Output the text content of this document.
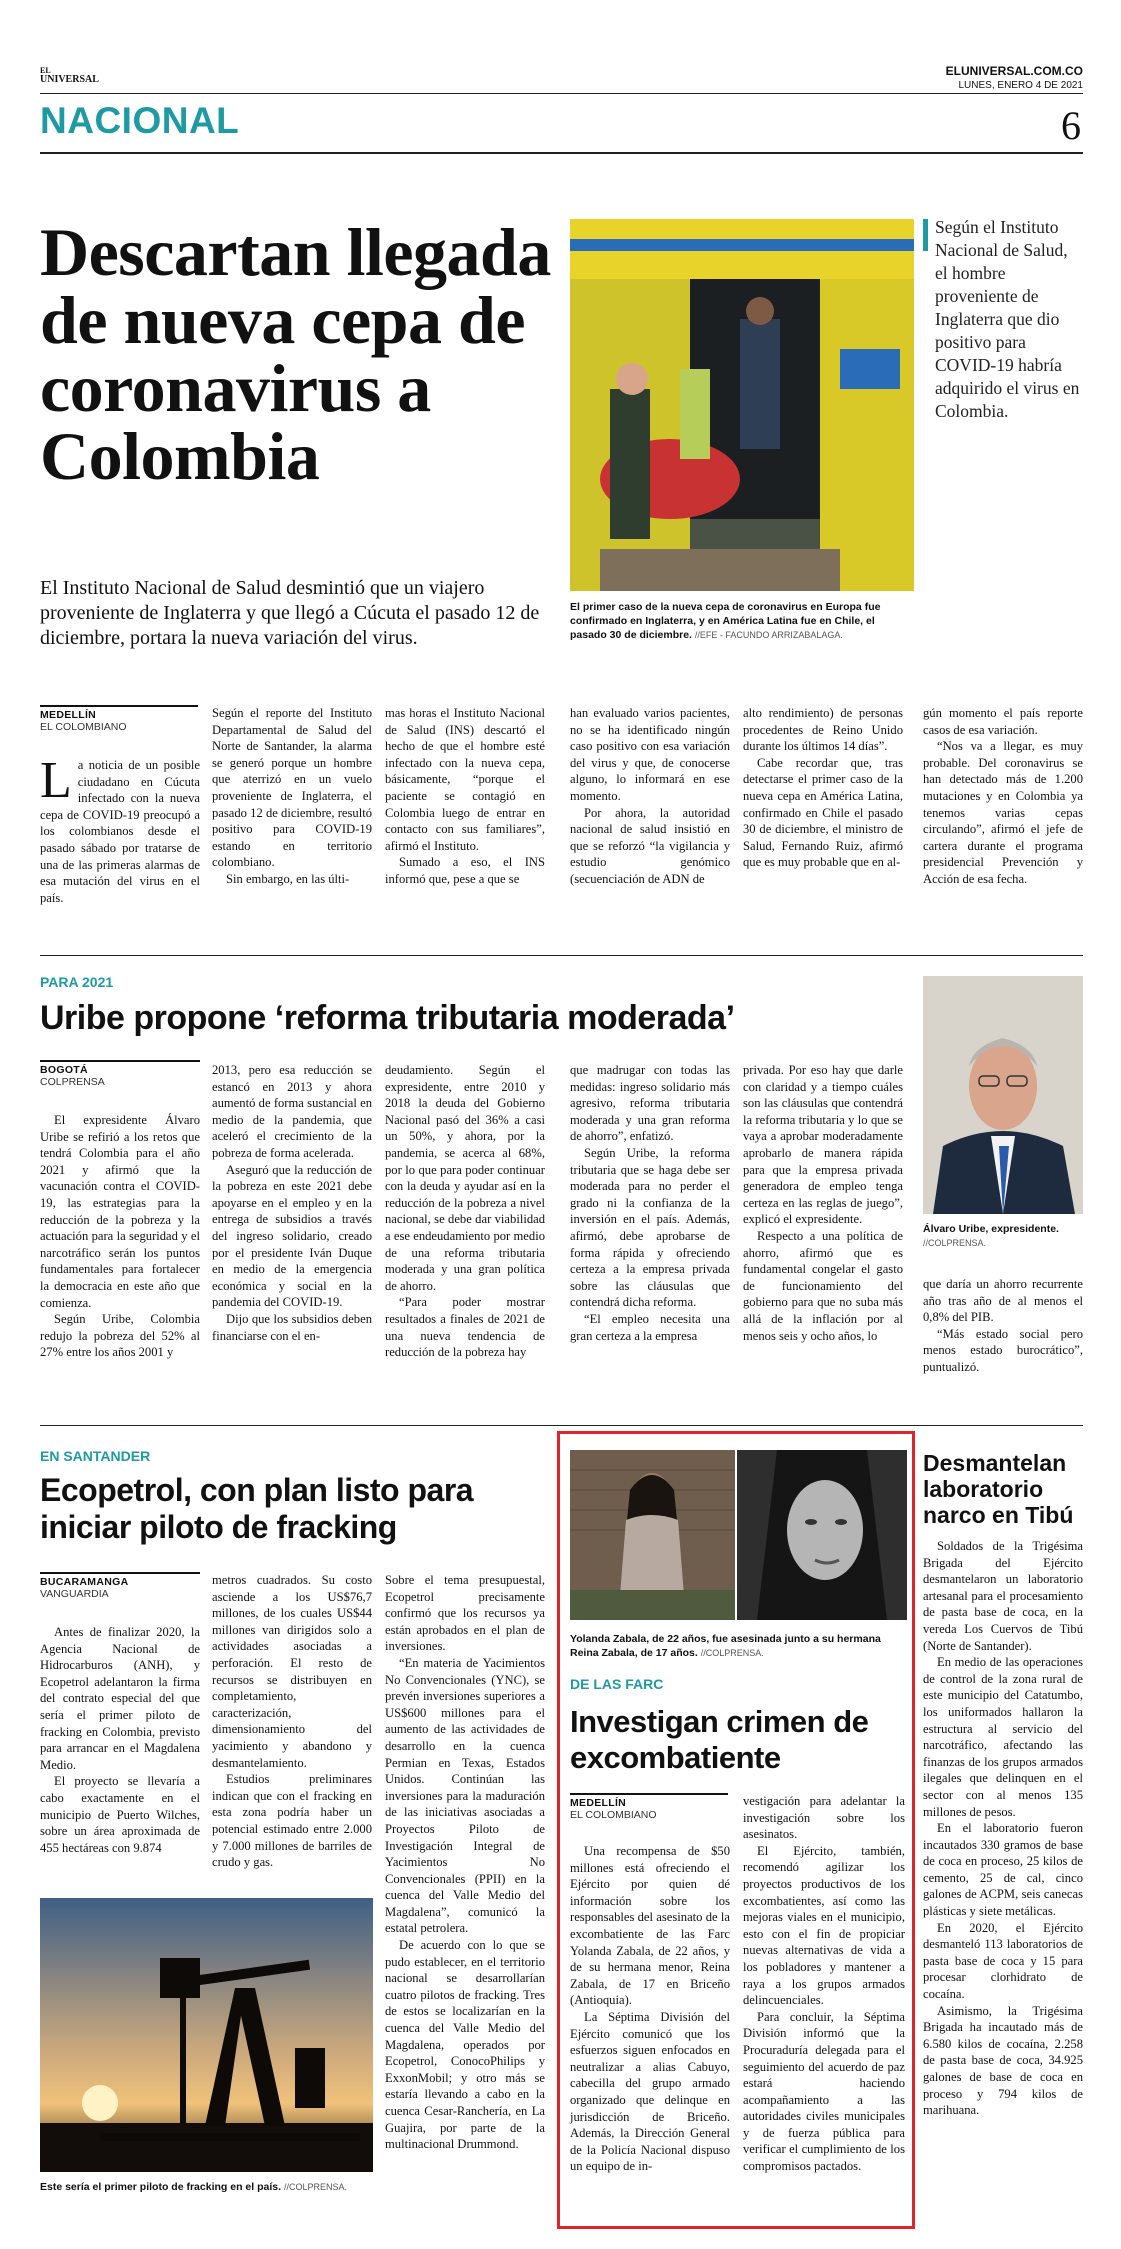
EL
UNIVERSAL
ELUNIVERSAL.COM.CO
LUNES, ENERO 4 DE 2021
NACIONAL	6
Descartan llegada de nueva cepa de coronavirus a Colombia
El Instituto Nacional de Salud desmintió que un viajero proveniente de Inglaterra y que llegó a Cúcuta el pasado 12 de diciembre, portara la nueva variación del virus.
El primer caso de la nueva cepa de coronavirus en Europa fue confirmado en Inglaterra, y en América Latina fue en Chile, el pasado 30 de diciembre. //EFE - FACUNDO ARRIZABALAGA.
Según el Instituto Nacional de Salud, el hombre proveniente de Inglaterra que dio positivo para COVID-19 habría adquirido el virus en Colombia.
MEDELLÍN
EL COLOMBIANO
L a noticia de un posible ciudadano en Cúcuta infectado con la nueva cepa de COVID-19 preocupó a los colombianos desde el pasado sábado por tratarse de una de las primeras alarmas de esa mutación del virus en el país.

Según el reporte del Instituto Departamental de Salud del Norte de Santander, la alarma se generó porque un hombre que aterrizó en un vuelo proveniente de Inglaterra, el pasado 12 de diciembre, resultó positivo para COVID-19 estando en territorio colombiano.

Sin embargo, en las últi-

mas horas el Instituto Nacional de Salud (INS) descartó el hecho de que el hombre esté infectado con la nueva cepa, básicamente, “porque el paciente se contagió en Colombia luego de entrar en contacto con sus familiares”, afirmó el Instituto.

Sumado a eso, el INS informó que, pese a que se

han evaluado varios pacientes, no se ha identificado ningún caso positivo con esa variación del virus y que, de conocerse alguno, lo informará en ese momento.

Por ahora, la autoridad nacional de salud insistió en que se reforzó “la vigilancia y estudio genómico (secuenciación de ADN de

alto rendimiento) de personas procedentes de Reino Unido durante los últimos 14 días”.

Cabe recordar que, tras detectarse el primer caso de la nueva cepa en América Latina, confirmado en Chile el pasado 30 de diciembre, el ministro de Salud, Fernando Ruiz, afirmó que es muy probable que en al-

gún momento el país reporte casos de esa variación.

“Nos va a llegar, es muy probable. Del coronavirus se han detectado más de 1.200 mutaciones y en Colombia ya tenemos varias cepas circulando”, afirmó el jefe de cartera durante el programa presidencial Prevención y Acción de esa fecha.

PARA 2021
Uribe propone ‘reforma tributaria moderada’
Álvaro Uribe, expresidente.
//COLPRENSA.
BOGOTÁ
COLPRENSA

El expresidente Álvaro Uribe se refirió a los retos que tendrá Colombia para el año 2021 y afirmó que la vacunación contra el COVID-19, las estrategias para la reducción de la pobreza y la actuación para la seguridad y el narcotráfico serán los puntos fundamentales para fortalecer la democracia en este año que comienza.

Según Uribe, Colombia redujo la pobreza del 52% al 27% entre los años 2001 y

2013, pero esa reducción se estancó en 2013 y ahora aumentó de forma sustancial en medio de la pandemia, que aceleró el crecimiento de la pobreza de forma acelerada.

Aseguró que la reducción de la pobreza en este 2021 debe apoyarse en el empleo y en la entrega de subsidios a través del ingreso solidario, creado por el presidente Iván Duque en medio de la emergencia económica y social en la pandemia del COVID-19.

Dijo que los subsidios deben financiarse con el en-

deudamiento. Según el expresidente, entre 2010 y 2018 la deuda del Gobierno Nacional pasó del 36% a casi un 50%, y ahora, por la pandemia, se acerca al 68%, por lo que para poder continuar con la deuda y ayudar así en la reducción de la pobreza a nivel nacional, se debe dar viabilidad a ese endeudamiento por medio de una reforma tributaria moderada y una gran política de ahorro.

“Para poder mostrar resultados a finales de 2021 de una nueva tendencia de reducción de la pobreza hay

que madrugar con todas las medidas: ingreso solidario más agresivo, reforma tributaria moderada y una gran reforma de ahorro”, enfatizó.

Según Uribe, la reforma tributaria que se haga debe ser moderada para no perder el grado ni la confianza de la inversión en el país. Además, afirmó, debe aprobarse de forma rápida y ofreciendo certeza a la empresa privada sobre las cláusulas que contendrá dicha reforma.

“El empleo necesita una gran certeza a la empresa

privada. Por eso hay que darle con claridad y a tiempo cuáles son las cláusulas que contendrá la reforma tributaria y lo que se vaya a aprobar moderadamente aprobarlo de manera rápida para que la empresa privada generadora de empleo tenga certeza en las reglas de juego”, explicó el expresidente.

Respecto a una política de ahorro, afirmó que es fundamental congelar el gasto de funcionamiento del gobierno para que no suba más allá de la inflación por al menos seis y ocho años, lo

que daría un ahorro recurrente año tras año de al menos el 0,8% del PIB.

“Más estado social pero menos estado burocrático”, puntualizó.

EN SANTANDER
Ecopetrol, con plan listo para iniciar piloto de fracking
BUCARAMANGA
VANGUARDIA

Antes de finalizar 2020, la Agencia Nacional de Hidrocarburos (ANH), y Ecopetrol adelantaron la firma del contrato especial del que sería el primer piloto de fracking en Colombia, previsto para arrancar en el Magdalena Medio.

El proyecto se llevaría a cabo exactamente en el municipio de Puerto Wilches, sobre un área aproximada de 455 hectáreas con 9.874

metros cuadrados. Su costo asciende a los US$76,7 millones, de los cuales US$44 millones van dirigidos solo a actividades asociadas a perforación. El resto de recursos se distribuyen en completamiento, caracterización, dimensionamiento del yacimiento y abandono y desmantelamiento.

Estudios preliminares indican que con el fracking en esta zona podría haber un potencial estimado entre 2.000 y 7.000 millones de barriles de crudo y gas.

Sobre el tema presupuestal, Ecopetrol precisamente confirmó que los recursos ya están aprobados en el plan de inversiones.

“En materia de Yacimientos No Convencionales (YNC), se prevén inversiones superiores a US$600 millones para el aumento de las actividades de desarrollo en la cuenca Permian en Texas, Estados Unidos. Continúan las inversiones para la maduración de las iniciativas asociadas a Proyectos Piloto de Investigación Integral de Yacimientos No Convencionales (PPII) en la cuenca del Valle Medio del Magdalena”, comunicó la estatal petrolera.

De acuerdo con lo que se pudo establecer, en el territorio nacional se desarrollarían cuatro pilotos de fracking. Tres de estos se localizarían en la cuenca del Valle Medio del Magdalena, operados por Ecopetrol, ConocoPhilips y ExxonMobil; y otro más se estaría llevando a cabo en la cuenca Cesar-Ranchería, en La Guajira, por parte de la multinacional Drummond.

Este sería el primer piloto de fracking en el país. //COLPRENSA.
Yolanda Zabala, de 22 años, fue asesinada junto a su hermana Reina Zabala, de 17 años. //COLPRENSA.
DE LAS FARC
Investigan crimen de excombatiente
MEDELLÍN
EL COLOMBIANO

Una recompensa de $50 millones está ofreciendo el Ejército por quien dé información sobre los responsables del asesinato de la excombatiente de las Farc Yolanda Zabala, de 22 años, y de su hermana menor, Reina Zabala, de 17 en Briceño (Antioquia).

La Séptima División del Ejército comunicó que los esfuerzos siguen enfocados en neutralizar a alias Cabuyo, cabecilla del grupo armado organizado que delinque en jurisdicción de Briceño. Además, la Dirección General de la Policía Nacional dispuso un equipo de in-

vestigación para adelantar la investigación sobre los asesinatos.

El Ejército, también, recomendó agilizar los proyectos productivos de los excombatientes, así como las mejoras viales en el municipio, esto con el fin de propiciar nuevas alternativas de vida a los pobladores y mantener a raya a los grupos armados delincuenciales.

Para concluir, la Séptima División informó que la Procuraduría delegada para el seguimiento del acuerdo de paz estará haciendo acompañamiento a las autoridades civiles municipales y de fuerza pública para verificar el cumplimiento de los compromisos pactados.

Desmantelan laboratorio narco en Tibú

Soldados de la Trigésima Brigada del Ejército desmantelaron un laboratorio artesanal para el procesamiento de pasta base de coca, en la vereda Los Cuervos de Tibú (Norte de Santander).

En medio de las operaciones de control de la zona rural de este municipio del Catatumbo, los uniformados hallaron la estructura al servicio del narcotráfico, afectando las finanzas de los grupos armados ilegales que delinquen en el sector con al menos 135 millones de pesos.

En el laboratorio fueron incautados 330 gramos de base de coca en proceso, 25 kilos de cemento, 25 de cal, cinco galones de ACPM, seis canecas plásticas y siete metálicas.

En 2020, el Ejército desmanteló 113 laboratorios de pasta base de coca y 15 para procesar clorhidrato de cocaína.

Asimismo, la Trigésima Brigada ha incautado más de 6.580 kilos de cocaína, 2.258 de pasta base de coca, 34.925 galones de base de coca en proceso y 794 kilos de marihuana.
